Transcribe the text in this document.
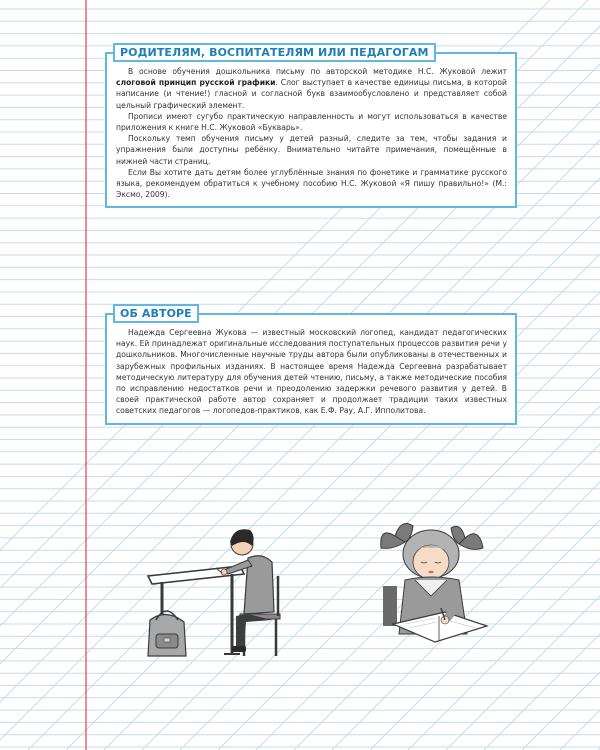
РОДИТЕЛЯМ, ВОСПИТАТЕЛЯМ ИЛИ ПЕДАГОГАМ

В основе обучения дошкольника письму по авторской методике Н.С. Жуковой лежит слоговой принцип русской графики. Слог выступает в качестве единицы письма, в которой написание (и чтение!) гласной и согласной букв взаимообусловлено и представляет собой цельный графический элемент.

Прописи имеют сугубо практическую направленность и могут использоваться в качестве приложения к книге Н.С. Жуковой «Букварь».

Поскольку темп обучения письму у детей разный, следите за тем, чтобы задания и упражнения были доступны ребёнку. Внимательно читайте примечания, помещённые в нижней части страниц.

Если Вы хотите дать детям более углублённые знания по фонетике и грамматике русского языка, рекомендуем обратиться к учебному пособию Н.С. Жуковой «Я пишу правильно!» (М.: Эксмо, 2009).

ОБ АВТОРЕ

Надежда Сергеевна Жукова — известный московский логопед, кандидат педагогических наук. Ей принадлежат оригинальные исследования поступательных процессов развития речи у дошкольников. Многочисленные научные труды автора были опубликованы в отечественных и зарубежных профильных изданиях. В настоящее время Надежда Сергеевна разрабатывает методическую литературу для обучения детей чтению, письму, а также методические пособия по исправлению недостатков речи и преодолению задержки речевого развития у детей. В своей практической работе автор сохраняет и продолжает традиции таких известных советских педагогов — логопедов-практиков, как Е.Ф. Рау, А.Г. Ипполитова.
